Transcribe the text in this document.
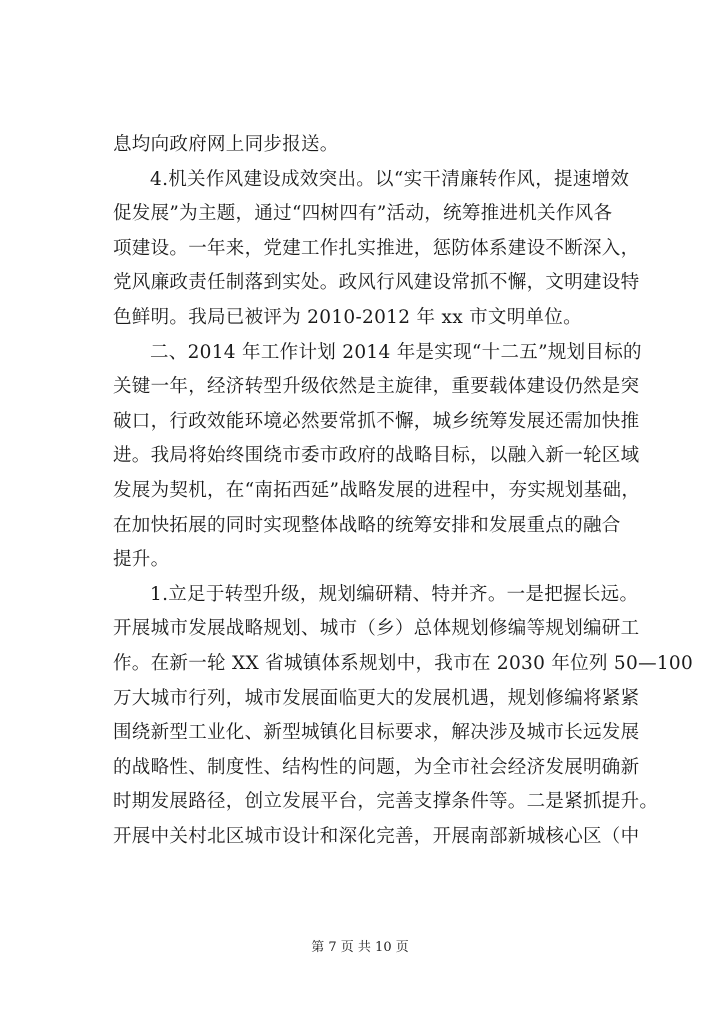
息均向政府网上同步报送。
4.机关作风建设成效突出。以“实干清廉转作风，提速增效
促发展”为主题，通过“四树四有”活动，统筹推进机关作风各
项建设。一年来，党建工作扎实推进，惩防体系建设不断深入，
党风廉政责任制落到实处。政风行风建设常抓不懈，文明建设特
色鲜明。我局已被评为 2010-2012 年 xx 市文明单位。
二、2014 年工作计划 2014 年是实现“十二五”规划目标的
关键一年，经济转型升级依然是主旋律，重要载体建设仍然是突
破口，行政效能环境必然要常抓不懈，城乡统筹发展还需加快推
进。我局将始终围绕市委市政府的战略目标，以融入新一轮区域
发展为契机，在“南拓西延”战略发展的进程中，夯实规划基础，
在加快拓展的同时实现整体战略的统筹安排和发展重点的融合
提升。
1.立足于转型升级，规划编研精、特并齐。一是把握长远。
开展城市发展战略规划、城市（乡）总体规划修编等规划编研工
作。在新一轮 XX 省城镇体系规划中，我市在 2030 年位列 50—100
万大城市行列，城市发展面临更大的发展机遇，规划修编将紧紧
围绕新型工业化、新型城镇化目标要求，解决涉及城市长远发展
的战略性、制度性、结构性的问题，为全市社会经济发展明确新
时期发展路径，创立发展平台，完善支撑条件等。二是紧抓提升。
开展中关村北区城市设计和深化完善，开展南部新城核心区（中
第 7 页 共 10 页
